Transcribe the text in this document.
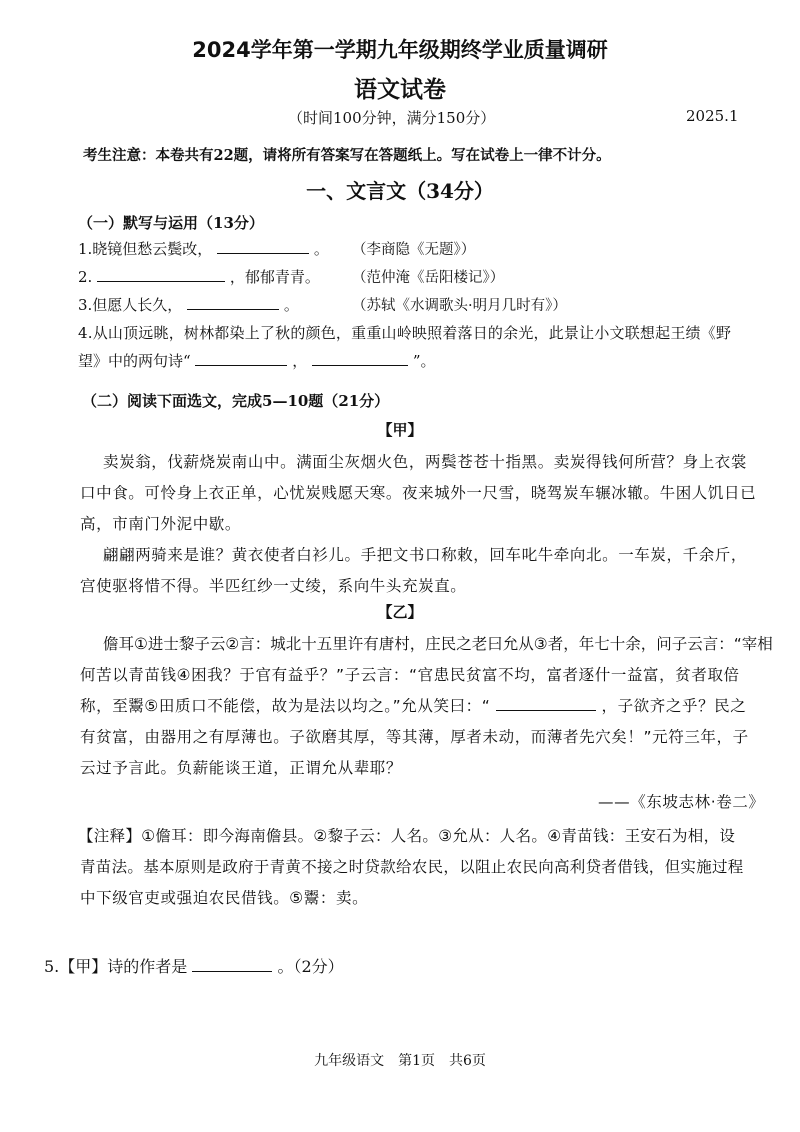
2024学年第一学期九年级期终学业质量调研
语文试卷
（时间100分钟，满分150分）	2025.1
考生注意：本卷共有22题，请将所有答案写在答题纸上。写在试卷上一律不计分。
一、文言文（34分）
（一）默写与运用（13分）
1.晓镜但愁云鬓改，	。 （李商隐《无题》）
2.	，郁郁青青。 （范仲淹《岳阳楼记》）
3.但愿人长久，	。	（苏轼《水调歌头·明月几时有》）
4.从山顶远眺，树林都染上了秋的颜色，重重山岭映照着落日的余光，此景让小文联想起王绩《野
望》中的两句诗“	，	”。
（二）阅读下面选文，完成5—10题（21分）
【甲】
卖炭翁，伐薪烧炭南山中。满面尘灰烟火色，两鬓苍苍十指黑。卖炭得钱何所营？身上衣裳
口中食。可怜身上衣正单，心忧炭贱愿天寒。夜来城外一尺雪，晓驾炭车辗冰辙。牛困人饥日已
高，市南门外泥中歇。
翩翩两骑来是谁？黄衣使者白衫儿。手把文书口称敕，回车叱牛牵向北。一车炭，千余斤，
宫使驱将惜不得。半匹红纱一丈绫，系向牛头充炭直。
【乙】
儋耳①进士黎子云②言：城北十五里许有唐村，庄民之老曰允从③者，年七十余，问子云言：“宰相
何苦以青苗钱④困我？于官有益乎？”子云言：“官患民贫富不均，富者逐什一益富，贫者取倍
称，至鬻⑤田质口不能偿，故为是法以均之。”允从笑曰：“	，子欲齐之乎？民之
有贫富，由器用之有厚薄也。子欲磨其厚，等其薄，厚者未动，而薄者先穴矣！”元符三年，子
云过予言此。负薪能谈王道，正谓允从辈耶？
——《东坡志林·卷二》
【注释】①儋耳：即今海南儋县。②黎子云：人名。③允从：人名。④青苗钱：王安石为相，设
青苗法。基本原则是政府于青黄不接之时贷款给农民，以阻止农民向高利贷者借钱，但实施过程
中下级官吏或强迫农民借钱。⑤鬻：卖。
5.【甲】诗的作者是	。（2分）
九年级语文　第1页　共6页
